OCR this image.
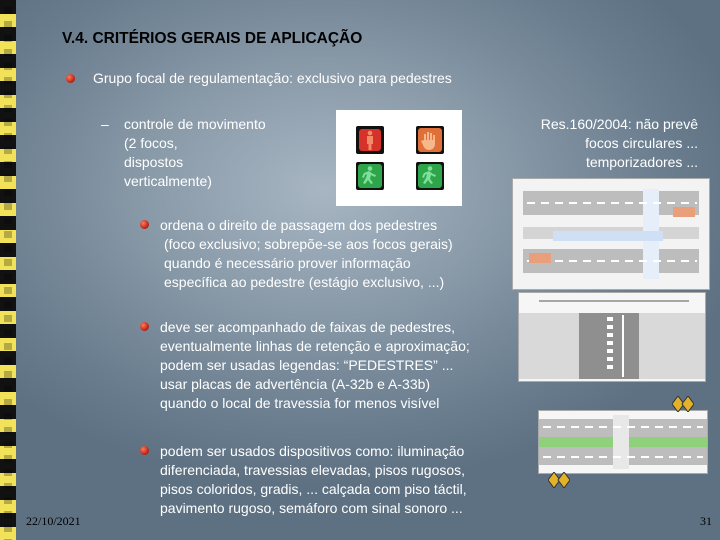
V.4. CRITÉRIOS GERAIS DE APLICAÇÃO
Grupo focal de regulamentação: exclusivo para pedestres
– controle de movimento
(2 focos,
dispostos
verticalmente)
Res.160/2004: não prevê
focos circulares ...
temporizadores ...
ordena o direito de passagem dos pedestres
(foco exclusivo; sobrepõe-se aos focos gerais)
quando é necessário prover informação
específica ao pedestre (estágio exclusivo, ...)
deve ser acompanhado de faixas de pedestres,
eventualmente linhas de retenção e aproximação;
podem ser usadas legendas: “PEDESTRES” ...
usar placas de advertência (A-32b e A-33b)
quando o local de travessia for menos visível
podem ser usados dispositivos como: iluminação
diferenciada, travessias elevadas, pisos rugosos,
pisos coloridos, gradis, ... calçada com piso táctil,
pavimento rugoso, semáforo com sinal sonoro ...
22/10/2021	31
